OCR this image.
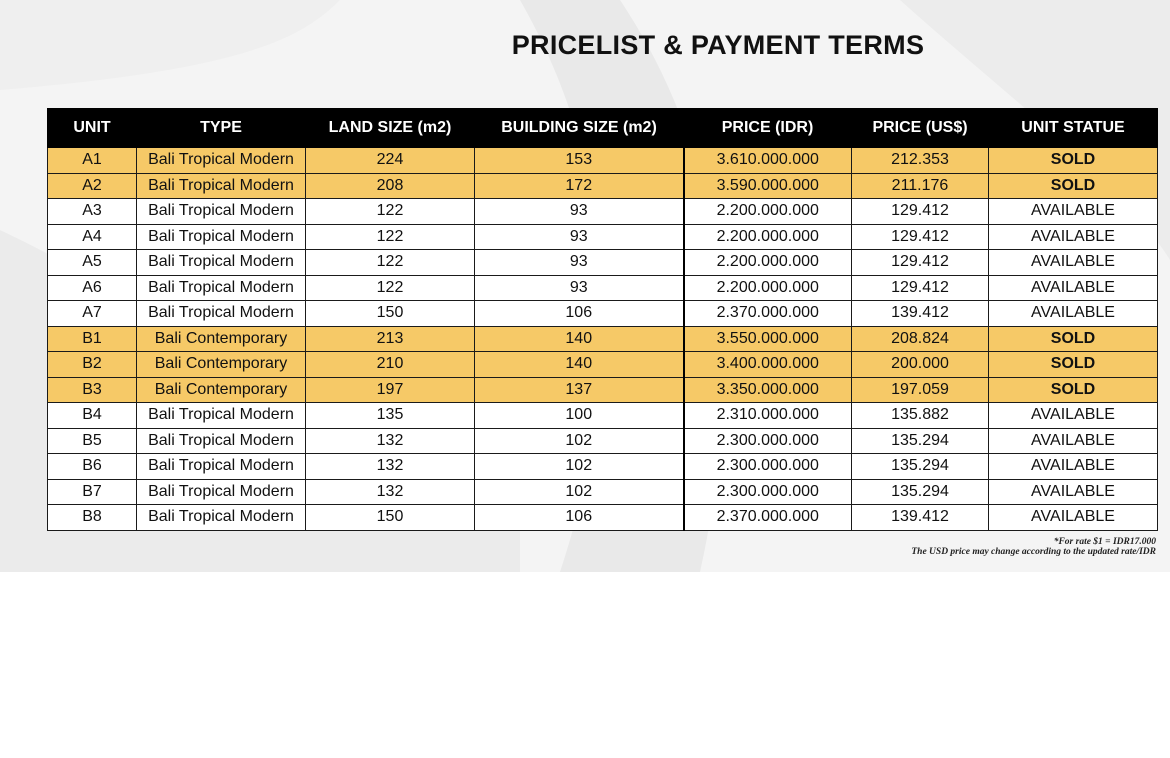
PRICELIST & PAYMENT TERMS
UNIT	TYPE	LAND SIZE (m2)	BUILDING SIZE (m2)	PRICE (IDR)	PRICE (US$)	UNIT STATUE
A1	Bali Tropical Modern	224	153	3.610.000.000	212.353	SOLD
A2	Bali Tropical Modern	208	172	3.590.000.000	211.176	SOLD
A3	Bali Tropical Modern	122	93	2.200.000.000	129.412	AVAILABLE
A4	Bali Tropical Modern	122	93	2.200.000.000	129.412	AVAILABLE
A5	Bali Tropical Modern	122	93	2.200.000.000	129.412	AVAILABLE
A6	Bali Tropical Modern	122	93	2.200.000.000	129.412	AVAILABLE
A7	Bali Tropical Modern	150	106	2.370.000.000	139.412	AVAILABLE
B1	Bali Contemporary	213	140	3.550.000.000	208.824	SOLD
B2	Bali Contemporary	210	140	3.400.000.000	200.000	SOLD
B3	Bali Contemporary	197	137	3.350.000.000	197.059	SOLD
B4	Bali Tropical Modern	135	100	2.310.000.000	135.882	AVAILABLE
B5	Bali Tropical Modern	132	102	2.300.000.000	135.294	AVAILABLE
B6	Bali Tropical Modern	132	102	2.300.000.000	135.294	AVAILABLE
B7	Bali Tropical Modern	132	102	2.300.000.000	135.294	AVAILABLE
B8	Bali Tropical Modern	150	106	2.370.000.000	139.412	AVAILABLE
*For rate $1 = IDR17.000
The USD price may change according to the updated rate/IDR
